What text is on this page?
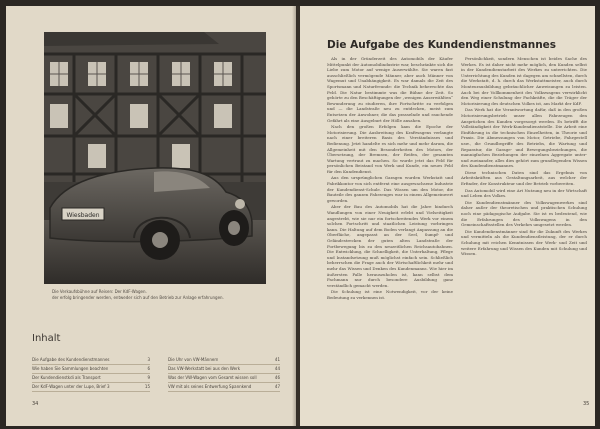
Wiesbaden
Die Verkaufsbühne auf Reisen: Der KdF-Wagen.
der erfolg bringender werden, entweder sich auf den Betrieb zur Anlage erfahrungen.
Inhalt
Die Aufgabe des Kundendienstmannes	3
Wie haben Sie Sammlungen beachten	6
Der Kundendienstkdi als Transport	9
Der KdF-Wagen unter der Lupe, Brief 3	15
Die Uhr von VW-Männern	41
Das VW-Werkstatt bei aus den Werk	44
Was der VW-Wagen vom Gesamt wissen soll	46
VW mit als seines Entwerfung Spannkend	47
34
Die Aufgabe des Kundendienstmannes

Als in der Gründerzeit des Automobils der Käufer Mittelpunkt der Automobilindustrie war, beschränkte sich die Liebe zum Motor auf wenige Auserwählte. Sie waren fast ausschließlich vermögende Männer, aber auch Männer von Wagemut und Unabhängigkeit. Es war damals die Zeit des Sportsmann und Naturfreunde: die Technik beherrschte das Feld. Die Natur bestimmte was die Bühne der Zeit. So gehörte zu den Beschäftigungen der „wenigen Auserwählten“ Bewunderung zu studieren, ihre Fortschritte zu verfolgen und — die Landstraße neu zu entdecken, meist zum Entsetzen der Anwohner, die das prasselnde und rauchende Gefährt als eine Ausgeburt der Hölle ansahen.

Nach den großen Erfolgen kam die Epoche der Motorisierung. Die Ausbreitung des Kraftwagens verlangte nach einer breiteren Basis des Verständnisses und Bedienung. Jetzt handelte es sich mehr und mehr darum, die Allgemeinheit mit den Besonderheiten des Motors, der Übersetzung, der Bremsen, der Reifen, der gesamten Wartung vertraut zu machen. So wurde jetzt das Feld für persönlichen Beistand von Werk und Kunde, ein neues Feld für den Kundendienst.

Aus den ursprünglichen Garagen wurden Werkstatt und Fabrikkontor von sich entfernt eine ausgewachsene Industrie der Kundendienst-Schule. Das Wissen um den Motor, die Bauteile des ganzen Fahrzeuges war in einem Allgemeinwert geworden.

Aber der Bau des Automobils hat die Jahre hindurch Wandlungen von einer Neuigkeit erlebt und Vielseitigkeit angestrebt, wie sie nur ein fortschreitendes Werk vor einem solchen Fortschritt und staatlichen Leistung vorbringen kann. Die Haltung auf dem Boden verlangt Anpassung an die Oberfläche, angepasst an der Seel, Sumpf- und Geländestrecken der guten alten Landstraße der Fortbewegung bis zu den neuzeitlichen Reichsautobahnen. Die Entwicklung, die Schnelligkeit, die Unterhaltung, Pflege und Instandsetzung muß möglichst einfach sein. Schließlich beherrschen die Frage auch der Wirtschaftlichkeit mehr und mehr das Wissen und Denken des Kundenmanns. Wie hier im äußersten Falle herauszuholen ist, kann selbst dem Fachmann nur durch besondere Ausbildung ganz verständlich gemacht werden.

Die Schulung ist eine Notwendigkeit, vor der keine Bedeutung zu verkennen ist.

Persönlichkeit, sondern Menschen ist beides Sache des Werkes. Es ist daher nicht mehr möglich, den Kunden selbst in der Kundendienstarbeit des Werkes zu unterrichten. Die Unterrichtung des Kunden ist dagegen am schnellsten, durch die Werkstatt, d. h. durch das Werkstattmeister, auch durch Monteurausbildung gebräuchlicher Anweisungen zu leisten. Auch bei der Vollkommenheit des Volkswagens verwirklicht den Weg einer Schulung der Fachkräfte, die die Träger der Motorisierung des deutschen Volkes ist, am Markt der KdF.

Das Werk hat die Verantwortung dafür, daß in den großen Motorisierungsbetrieb unser allen Fahrzeugen den Ansprüchen des Kunden vorgesorgt werden. Es betrifft die Vollständigkeit der Werk-Kundendienststelle. Die Arbeit eine Einführung in die technischen Einzelheiten, in Theorie und Praxis. Die Abmessungen von Motor, Getriebe, Fahrgestell usw., die Grundbegriffe des Betriebs, die Wartung und Reparatur, die Garage- und Bewegungsbeziehungen, die mannigfachen Beziehungen der einzelnen Aggregate unter- und zueinander, alles dies gehört zum grundlegenden Wissen des Kundendienstmannes.

Diese technischen Daten sind das Ergebnis von Arbeitskräften aus Gestaltungsarbeit, aus welcher der Erfinder, der Konstrukteur und der Betrieb vorbereiten.

Das Automobil wird eine Art Nutzung neu in der Wirtschaft und Leben des Volkes.

Die Kundendienstmänner des Volkswagenwerkes sind daher außer der theoretischen und praktischen Schulung noch eine pädagogische Aufgabe. Sie ist es bedeutend, wie die Erfahrungen des Volkswagens in den Gemeinschaftsstellen des Verkehrs umgesetzt werden.

Die Kundendienstmänner sind für die Zukunft des Werkes und vermitteln als die Kundendienstleistung, der er durch Schulung mit reichen Kenntnissen der Werk- und Zeit und weitere Erfahrung und Wissen des Kunden mit Schulung und Wissen.

35
